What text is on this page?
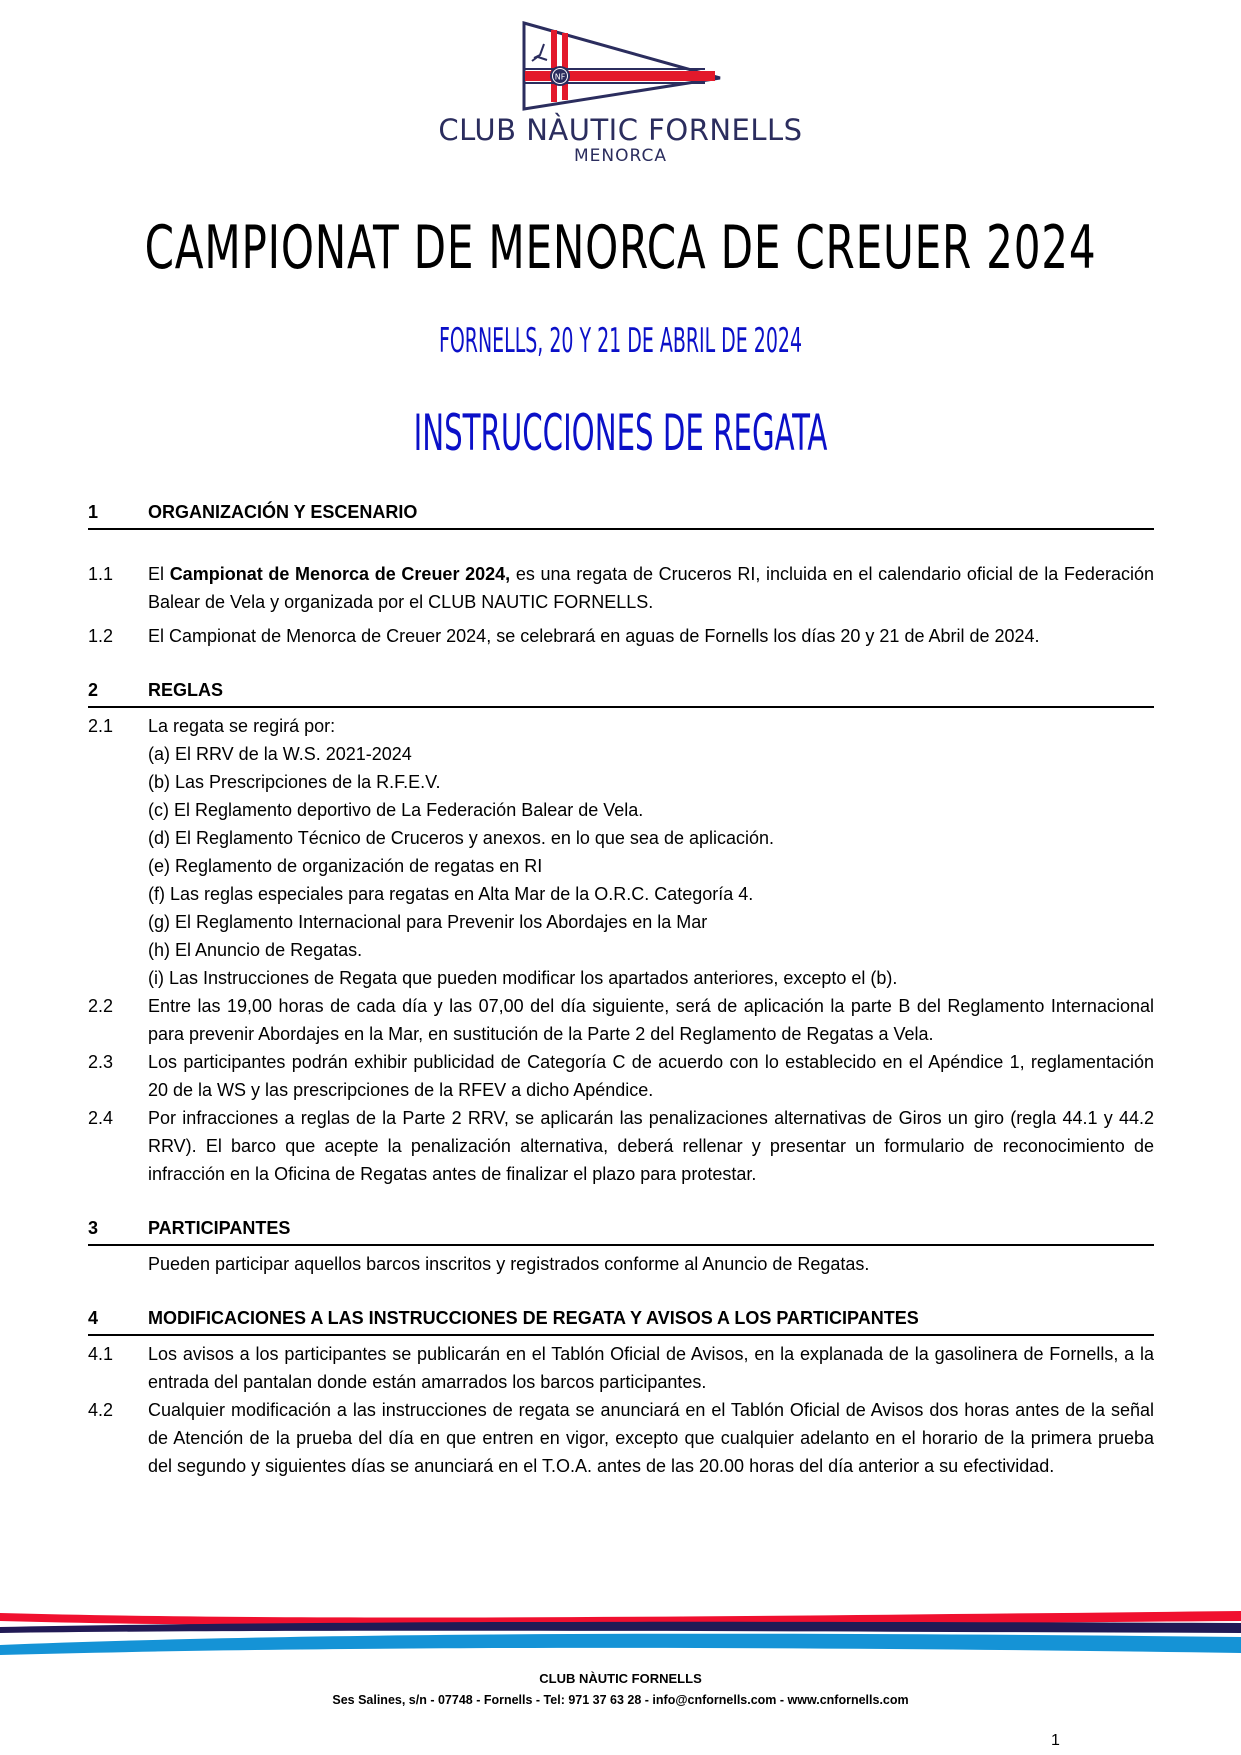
NF
CLUB NÀUTIC FORNELLS
MENORCA
CAMPIONAT DE MENORCA DE CREUER 2024
FORNELLS, 20 Y 21 DE ABRIL DE 2024
INSTRUCCIONES DE REGATA
1	ORGANIZACIÓN Y ESCENARIO
1.1	El Campionat de Menorca de Creuer 2024, es una regata de Cruceros RI, incluida en el calendario oficial de la Federación Balear de Vela y organizada por el CLUB NAUTIC FORNELLS.
1.2	El Campionat de Menorca de Creuer 2024, se celebrará en aguas de Fornells los días 20 y 21 de Abril de 2024.
2	REGLAS
2.1	La regata se regirá por:
(a) El RRV de la W.S. 2021-2024
(b) Las Prescripciones de la R.F.E.V.
(c) El Reglamento deportivo de La Federación Balear de Vela.
(d) El Reglamento Técnico de Cruceros y anexos. en lo que sea de aplicación.
(e) Reglamento de organización de regatas en RI
(f) Las reglas especiales para regatas en Alta Mar de la O.R.C. Categoría 4.
(g) El Reglamento Internacional para Prevenir los Abordajes en la Mar
(h) El Anuncio de Regatas.
(i) Las Instrucciones de Regata que pueden modificar los apartados anteriores, excepto el (b).
2.2	Entre las 19,00 horas de cada día y las 07,00 del día siguiente, será de aplicación la parte B del Reglamento Internacional para prevenir Abordajes en la Mar, en sustitución de la Parte 2 del Reglamento de Regatas a Vela.
2.3	Los participantes podrán exhibir publicidad de Categoría C de acuerdo con lo establecido en el Apéndice 1, reglamentación 20 de la WS y las prescripciones de la RFEV a dicho Apéndice.
2.4	Por infracciones a reglas de la Parte 2 RRV, se aplicarán las penalizaciones alternativas de Giros un giro (regla 44.1 y 44.2 RRV). El barco que acepte la penalización alternativa, deberá rellenar y presentar un formulario de reconocimiento de infracción en la Oficina de Regatas antes de finalizar el plazo para protestar.
3	PARTICIPANTES
Pueden participar aquellos barcos inscritos y registrados conforme al Anuncio de Regatas.
4	MODIFICACIONES A LAS INSTRUCCIONES DE REGATA Y AVISOS A LOS PARTICIPANTES
4.1	Los avisos a los participantes se publicarán en el Tablón Oficial de Avisos, en la explanada de la gasolinera de Fornells, a la entrada del pantalan donde están amarrados los barcos participantes.
4.2	Cualquier modificación a las instrucciones de regata se anunciará en el Tablón Oficial de Avisos dos horas antes de la señal de Atención de la prueba del día en que entren en vigor, excepto que cualquier adelanto en el horario de la primera prueba del segundo y siguientes días se anunciará en el T.O.A. antes de las 20.00 horas del día anterior a su efectividad.
CLUB NÀUTIC FORNELLS
Ses Salines, s/n - 07748 - Fornells - Tel: 971 37 63 28 - info@cnfornells.com - www.cnfornells.com
1
